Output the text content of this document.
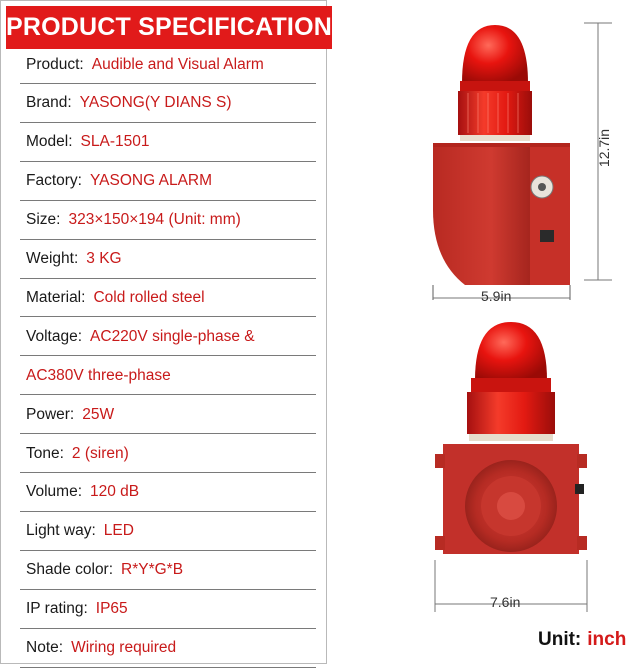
PRODUCT SPECIFICATION
Product: Audible and Visual Alarm
Brand: YASONG(Y DIANS S)
Model: SLA-1501
Factory: YASONG ALARM
Size: 323×150×194 (Unit: mm)
Weight: 3 KG
Material: Cold rolled steel
Voltage: AC220V single-phase &
AC380V three-phase
Power: 25W
Tone: 2 (siren)
Volume: 120 dB
Light way: LED
Shade color: R*Y*G*B
IP rating: IP65
Note: Wiring required
12.7in
5.9in
7.6in
Unit: inch
